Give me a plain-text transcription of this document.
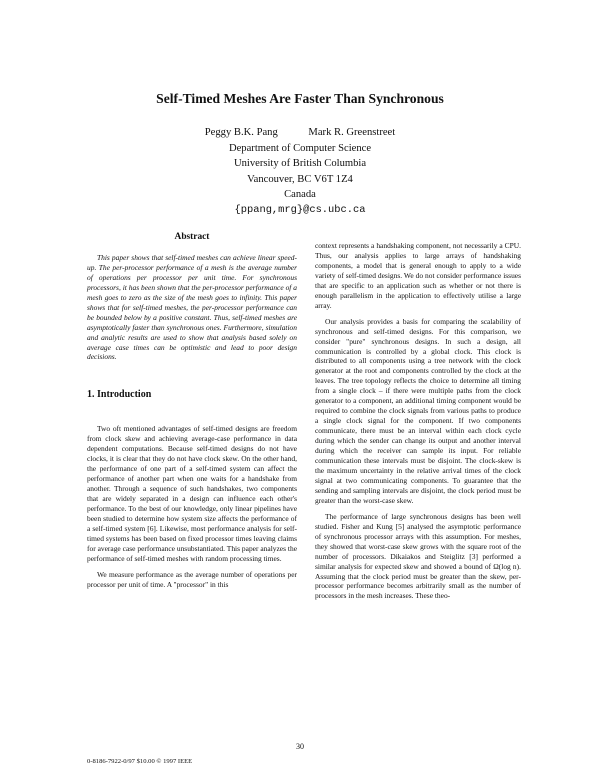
Self-Timed Meshes Are Faster Than Synchronous
Peggy B.K. Pang	Mark R. Greenstreet
Department of Computer Science
University of British Columbia
Vancouver, BC V6T 1Z4
Canada
{ppang,mrg}@cs.ubc.ca
Abstract

This paper shows that self-timed meshes can achieve linear speed-up. The per-processor performance of a mesh is the average number of operations per processor per unit time. For synchronous processors, it has been shown that the per-processor performance of a mesh goes to zero as the size of the mesh goes to infinity. This paper shows that for self-timed meshes, the per-processor performance can be bounded below by a positive constant. Thus, self-timed meshes are asymptotically faster than synchronous ones. Furthermore, simulation and analytic results are used to show that analysis based solely on average case times can be optimistic and lead to poor design decisions.

1. Introduction

Two oft mentioned advantages of self-timed designs are freedom from clock skew and achieving average-case performance in data dependent computations. Because self-timed designs do not have clocks, it is clear that they do not have clock skew. On the other hand, the performance of one part of a self-timed system can affect the performance of another part when one waits for a handshake from another. Through a sequence of such handshakes, two components that are widely separated in a design can influence each other's performance. To the best of our knowledge, only linear pipelines have been studied to determine how system size affects the performance of a self-timed system [6]. Likewise, most performance analysis for self-timed systems has been based on fixed processor times leaving claims for average case performance unsubstantiated. This paper analyzes the performance of self-timed meshes with random processing times.

We measure performance as the average number of operations per processor per unit of time. A "processor" in this

context represents a handshaking component, not necessarily a CPU. Thus, our analysis applies to large arrays of handshaking components, a model that is general enough to apply to a wide variety of self-timed designs. We do not consider performance issues that are specific to an application such as whether or not there is enough parallelism in the application to effectively utilise a large array.

Our analysis provides a basis for comparing the scalability of synchronous and self-timed designs. For this comparison, we consider "pure" synchronous designs. In such a design, all communication is controlled by a global clock. This clock is distributed to all components using a tree network with the clock generator at the root and components controlled by the clock at the leaves. The tree topology reflects the choice to determine all timing from a single clock – if there were multiple paths from the clock generator to a component, an additional timing component would be required to combine the clock signals from various paths to produce a single clock signal for the component. If two components communicate, there must be an interval within each clock cycle during which the sender can change its output and another interval during which the receiver can sample its input. For reliable communication these intervals must be disjoint. The clock-skew is the maximum uncertainty in the relative arrival times of the clock signal at two communicating components. To guarantee that the sending and sampling intervals are disjoint, the clock period must be greater than the worst-case skew.

The performance of large synchronous designs has been well studied. Fisher and Kung [5] analysed the asymptotic performance of synchronous processor arrays with this assumption. For meshes, they showed that worst-case skew grows with the square root of the number of processors. Dikaiakos and Steiglitz [3] performed a similar analysis for expected skew and showed a bound of Ω(log n). Assuming that the clock period must be greater than the skew, per-processor performance becomes arbitrarily small as the number of processors in the mesh increases. These theo-

30
0-8186-7922-0/97 $10.00 © 1997 IEEE
